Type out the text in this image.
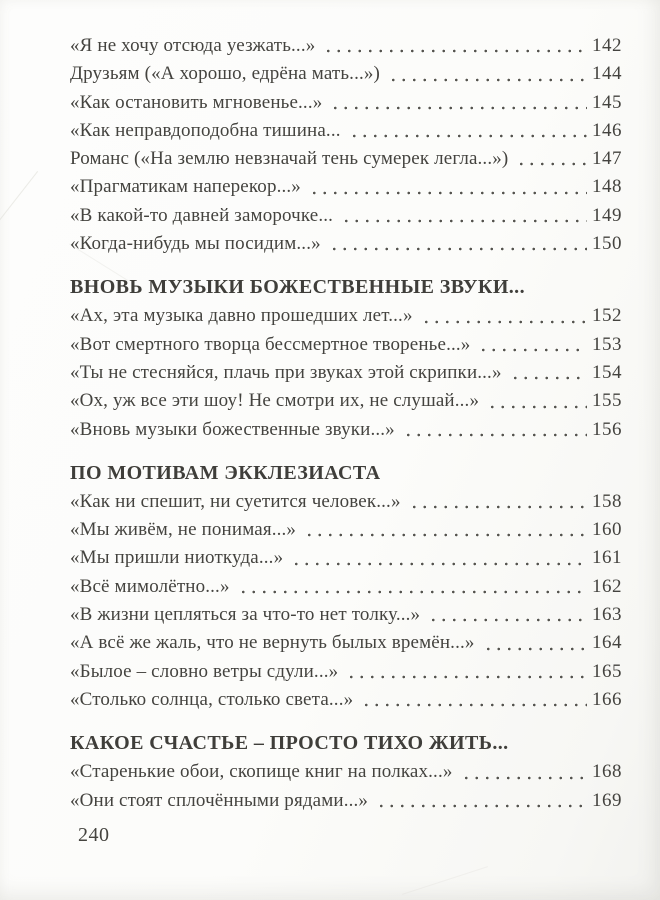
«Я не хочу отсюда уезжать...»	142
Друзьям («А хорошо, едрёна мать...»)	144
«Как остановить мгновенье...»	145
«Как неправдоподобна тишина...	146
Романс («На землю невзначай тень сумерек легла...»)	147
«Прагматикам наперекор...»	148
«В какой-то давней заморочке...	149
«Когда-нибудь мы посидим...»	150
ВНОВЬ МУЗЫКИ БОЖЕСТВЕННЫЕ ЗВУКИ...
«Ах, эта музыка давно прошедших лет...»	152
«Вот смертного творца бессмертное творенье...»	153
«Ты не стесняйся, плачь при звуках этой скрипки...»	154
«Ох, уж все эти шоу! Не смотри их, не слушай...»	155
«Вновь музыки божественные звуки...»	156
ПО МОТИВАМ ЭККЛЕЗИАСТА
«Как ни спешит, ни суетится человек...»	158
«Мы живём, не понимая...»	160
«Мы пришли ниоткуда...»	161
«Всё мимолётно...»	162
«В жизни цепляться за что-то нет толку...»	163
«А всё же жаль, что не вернуть былых времён...»	164
«Былое – словно ветры сдули...»	165
«Столько солнца, столько света...»	166
КАКОЕ СЧАСТЬЕ – ПРОСТО ТИХО ЖИТЬ...
«Старенькие обои, скопище книг на полках...»	168
«Они стоят сплочёнными рядами...»	169
240
